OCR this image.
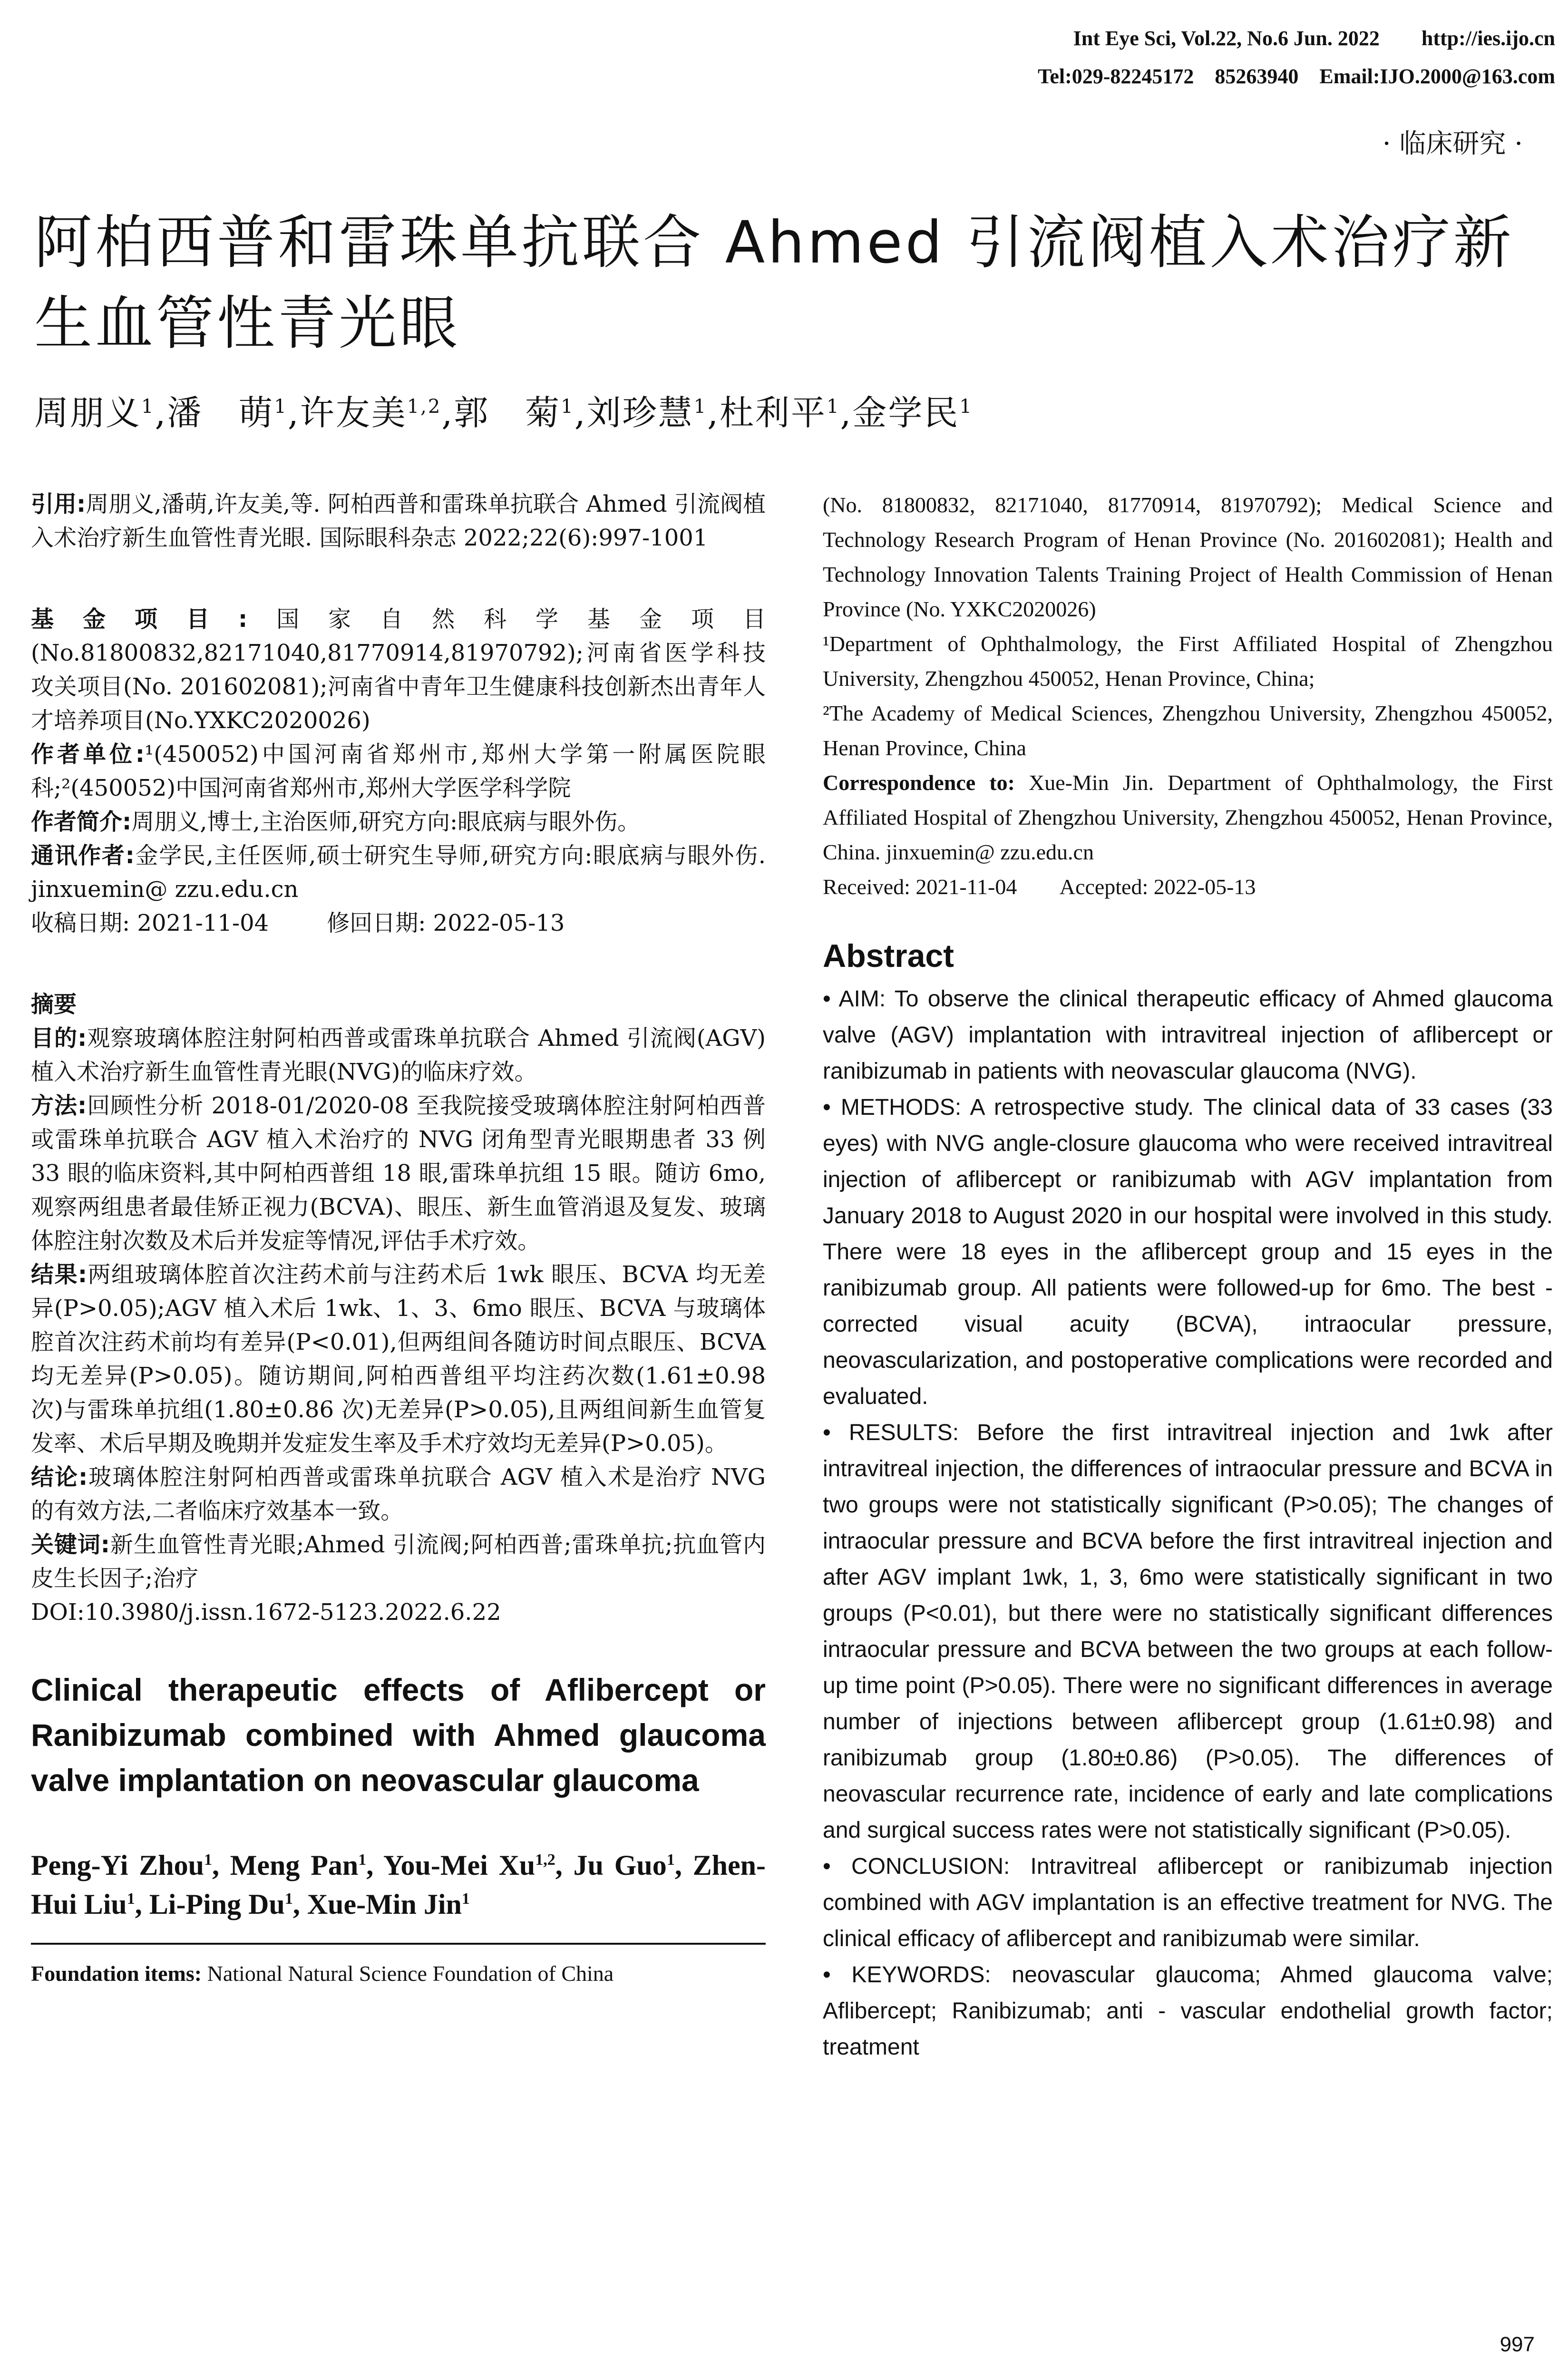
Int Eye Sci, Vol.22, No.6 Jun. 2022        http://ies.ijo.cn
Tel:029-82245172    85263940    Email:IJO.2000@163.com
· 临床研究 ·
阿柏西普和雷珠单抗联合 Ahmed 引流阀植入术治疗新生血管性青光眼
周朋义$^1$,潘　萌$^1$,许友美$^{1,2}$,郭　菊$^1$,刘珍慧$^1$,杜利平$^1$,金学民$^1$

引用:周朋义,潘萌,许友美,等. 阿柏西普和雷珠单抗联合 Ahmed 引流阀植入术治疗新生血管性青光眼. 国际眼科杂志 2022;22(6):997-1001

基金项目:国家自然科学基金项目(No.81800832,82171040,81770914,81970792);河南省医学科技攻关项目(No. 201602081);河南省中青年卫生健康科技创新杰出青年人才培养项目(No.YXKC2020026)

作者单位:¹(450052)中国河南省郑州市,郑州大学第一附属医院眼科;²(450052)中国河南省郑州市,郑州大学医学科学院

作者简介:周朋义,博士,主治医师,研究方向:眼底病与眼外伤。

通讯作者:金学民,主任医师,硕士研究生导师,研究方向:眼底病与眼外伤. jinxuemin@ zzu.edu.cn

收稿日期: 2021-11-04        修回日期: 2022-05-13

摘要

目的:观察玻璃体腔注射阿柏西普或雷珠单抗联合 Ahmed 引流阀(AGV)植入术治疗新生血管性青光眼(NVG)的临床疗效。

方法:回顾性分析 2018-01/2020-08 至我院接受玻璃体腔注射阿柏西普或雷珠单抗联合 AGV 植入术治疗的 NVG 闭角型青光眼期患者 33 例 33 眼的临床资料,其中阿柏西普组 18 眼,雷珠单抗组 15 眼。随访 6mo,观察两组患者最佳矫正视力(BCVA)、眼压、新生血管消退及复发、玻璃体腔注射次数及术后并发症等情况,评估手术疗效。

结果:两组玻璃体腔首次注药术前与注药术后 1wk 眼压、BCVA 均无差异(P>0.05);AGV 植入术后 1wk、1、3、6mo 眼压、BCVA 与玻璃体腔首次注药术前均有差异(P<0.01),但两组间各随访时间点眼压、BCVA 均无差异(P>0.05)。随访期间,阿柏西普组平均注药次数(1.61±0.98 次)与雷珠单抗组(1.80±0.86 次)无差异(P>0.05),且两组间新生血管复发率、术后早期及晚期并发症发生率及手术疗效均无差异(P>0.05)。

结论:玻璃体腔注射阿柏西普或雷珠单抗联合 AGV 植入术是治疗 NVG 的有效方法,二者临床疗效基本一致。

关键词:新生血管性青光眼;Ahmed 引流阀;阿柏西普;雷珠单抗;抗血管内皮生长因子;治疗

DOI:10.3980/j.issn.1672-5123.2022.6.22

Clinical therapeutic effects of Aflibercept or Ranibizumab combined with Ahmed glaucoma valve implantation on neovascular glaucoma

Peng-Yi Zhou$^1$, Meng Pan$^1$, You-Mei Xu$^{1,2}$, Ju Guo$^1$, Zhen-Hui Liu$^1$, Li-Ping Du$^1$, Xue-Min Jin$^1$

Foundation items: National Natural Science Foundation of China

(No. 81800832, 82171040, 81770914, 81970792); Medical Science and Technology Research Program of Henan Province (No. 201602081); Health and Technology Innovation Talents Training Project of Health Commission of Henan Province (No. YXKC2020026)

¹Department of Ophthalmology, the First Affiliated Hospital of Zhengzhou University, Zhengzhou 450052, Henan Province, China;

²The Academy of Medical Sciences, Zhengzhou University, Zhengzhou 450052, Henan Province, China

Correspondence to: Xue-Min Jin. Department of Ophthalmology, the First Affiliated Hospital of Zhengzhou University, Zhengzhou 450052, Henan Province, China. jinxuemin@ zzu.edu.cn

Received: 2021-11-04        Accepted: 2022-05-13

Abstract

• AIM: To observe the clinical therapeutic efficacy of Ahmed glaucoma valve (AGV) implantation with intravitreal injection of aflibercept or ranibizumab in patients with neovascular glaucoma (NVG).

• METHODS: A retrospective study. The clinical data of 33 cases (33 eyes) with NVG angle-closure glaucoma who were received intravitreal injection of aflibercept or ranibizumab with AGV implantation from January 2018 to August 2020 in our hospital were involved in this study. There were 18 eyes in the aflibercept group and 15 eyes in the ranibizumab group. All patients were followed-up for 6mo. The best - corrected visual acuity (BCVA), intraocular pressure, neovascularization, and postoperative complications were recorded and evaluated.

• RESULTS: Before the first intravitreal injection and 1wk after intravitreal injection, the differences of intraocular pressure and BCVA in two groups were not statistically significant (P>0.05); The changes of intraocular pressure and BCVA before the first intravitreal injection and after AGV implant 1wk, 1, 3, 6mo were statistically significant in two groups (P<0.01), but there were no statistically significant differences intraocular pressure and BCVA between the two groups at each follow-up time point (P>0.05). There were no significant differences in average number of injections between aflibercept group (1.61±0.98) and ranibizumab group (1.80±0.86) (P>0.05). The differences of neovascular recurrence rate, incidence of early and late complications and surgical success rates were not statistically significant (P>0.05).

• CONCLUSION: Intravitreal aflibercept or ranibizumab injection combined with AGV implantation is an effective treatment for NVG. The clinical efficacy of aflibercept and ranibizumab were similar.

• KEYWORDS: neovascular glaucoma; Ahmed glaucoma valve; Aflibercept; Ranibizumab; anti - vascular endothelial growth factor; treatment

997
